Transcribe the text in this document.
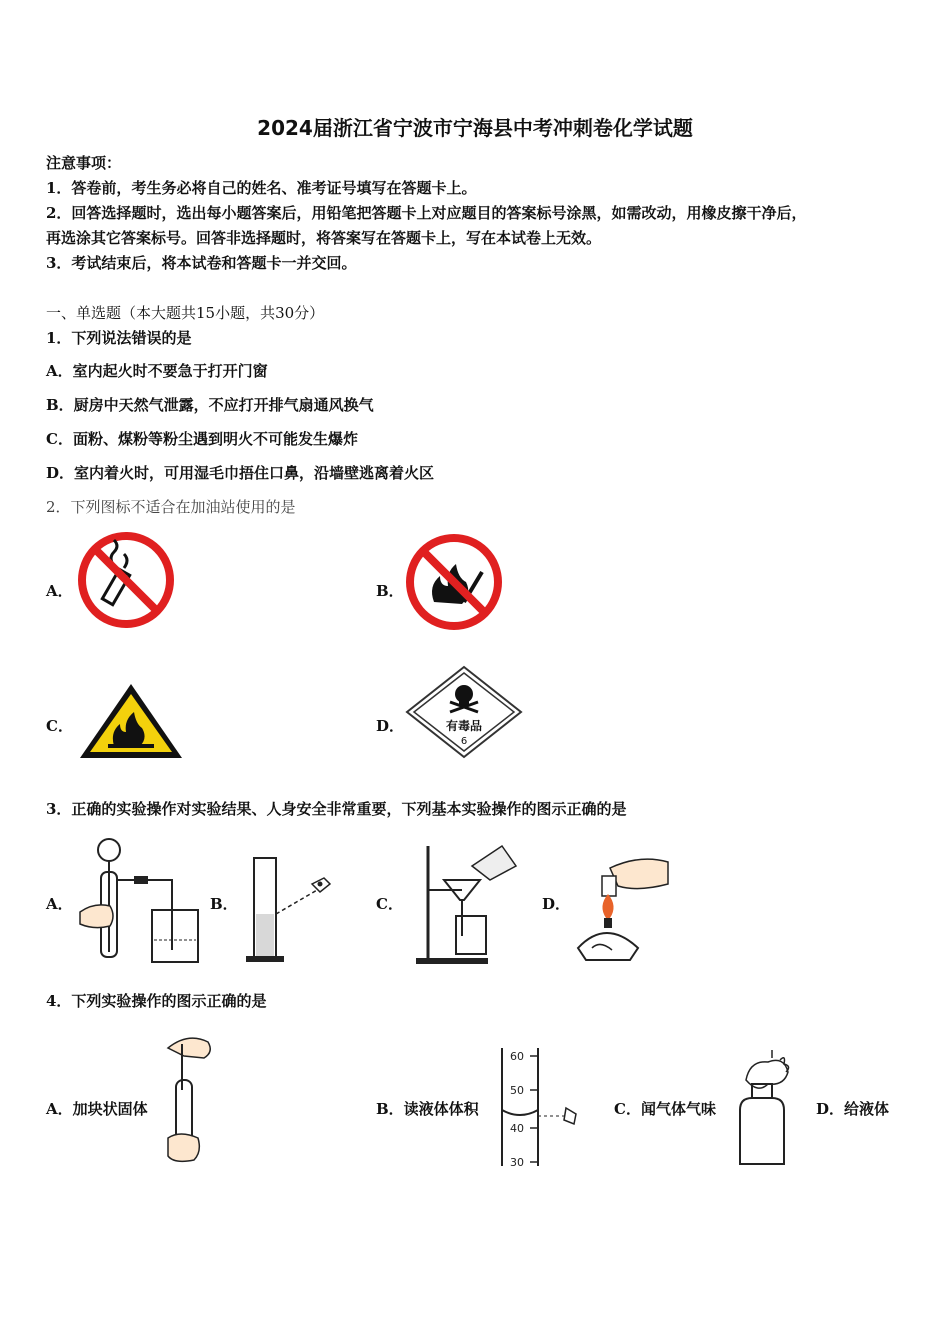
2024届浙江省宁波市宁海县中考冲刺卷化学试题
注意事项：
1．答卷前，考生务必将自己的姓名、准考证号填写在答题卡上。
2．回答选择题时，选出每小题答案后，用铅笔把答题卡上对应题目的答案标号涂黑，如需改动，用橡皮擦干净后，
再选涂其它答案标号。回答非选择题时，将答案写在答题卡上，写在本试卷上无效。
3．考试结束后，将本试卷和答题卡一并交回。
一、单选题（本大题共15小题，共30分）
1．下列说法错误的是
A．室内起火时不要急于打开门窗
B．厨房中天然气泄露，不应打开排气扇通风换气
C．面粉、煤粉等粉尘遇到明火不可能发生爆炸
D．室内着火时，可用湿毛巾捂住口鼻，沿墙壁逃离着火区
2．下列图标不适合在加油站使用的是
A．	B．
C．	D．	有毒品
6
3．正确的实验操作对实验结果、人身安全非常重要，下列基本实验操作的图示正确的是
A．	B．	C．	D．
4．下列实验操作的图示正确的是
A．加块状固体	B．读液体体积
60
50
40
30
C．闻气体气味	D．给液体
